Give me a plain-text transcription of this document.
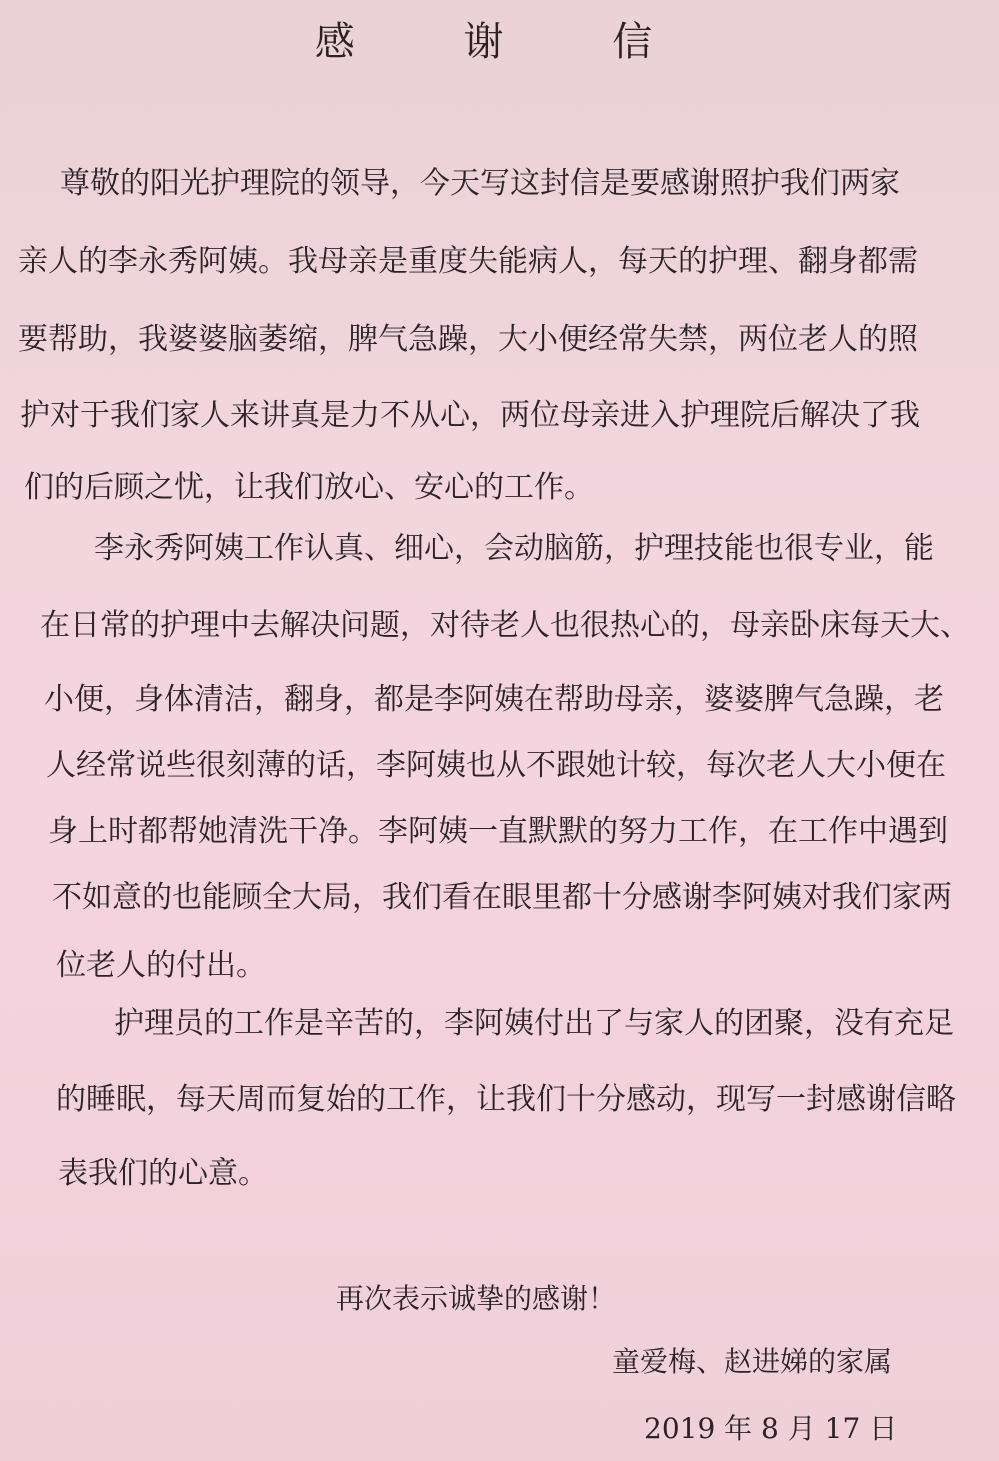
感 谢 信
尊敬的阳光护理院的领导，今天写这封信是要感谢照护我们两家
亲人的李永秀阿姨。我母亲是重度失能病人，每天的护理、翻身都需
要帮助，我婆婆脑萎缩，脾气急躁，大小便经常失禁，两位老人的照
护对于我们家人来讲真是力不从心，两位母亲进入护理院后解决了我
们的后顾之忧，让我们放心、安心的工作。
李永秀阿姨工作认真、细心，会动脑筋，护理技能也很专业，能
在日常的护理中去解决问题，对待老人也很热心的，母亲卧床每天大、
小便，身体清洁，翻身，都是李阿姨在帮助母亲，婆婆脾气急躁，老
人经常说些很刻薄的话，李阿姨也从不跟她计较，每次老人大小便在
身上时都帮她清洗干净。李阿姨一直默默的努力工作，在工作中遇到
不如意的也能顾全大局，我们看在眼里都十分感谢李阿姨对我们家两
位老人的付出。
护理员的工作是辛苦的，李阿姨付出了与家人的团聚，没有充足
的睡眠，每天周而复始的工作，让我们十分感动，现写一封感谢信略
表我们的心意。
再次表示诚挚的感谢！
童爱梅、赵进娣的家属
2019 年 8 月 17 日
